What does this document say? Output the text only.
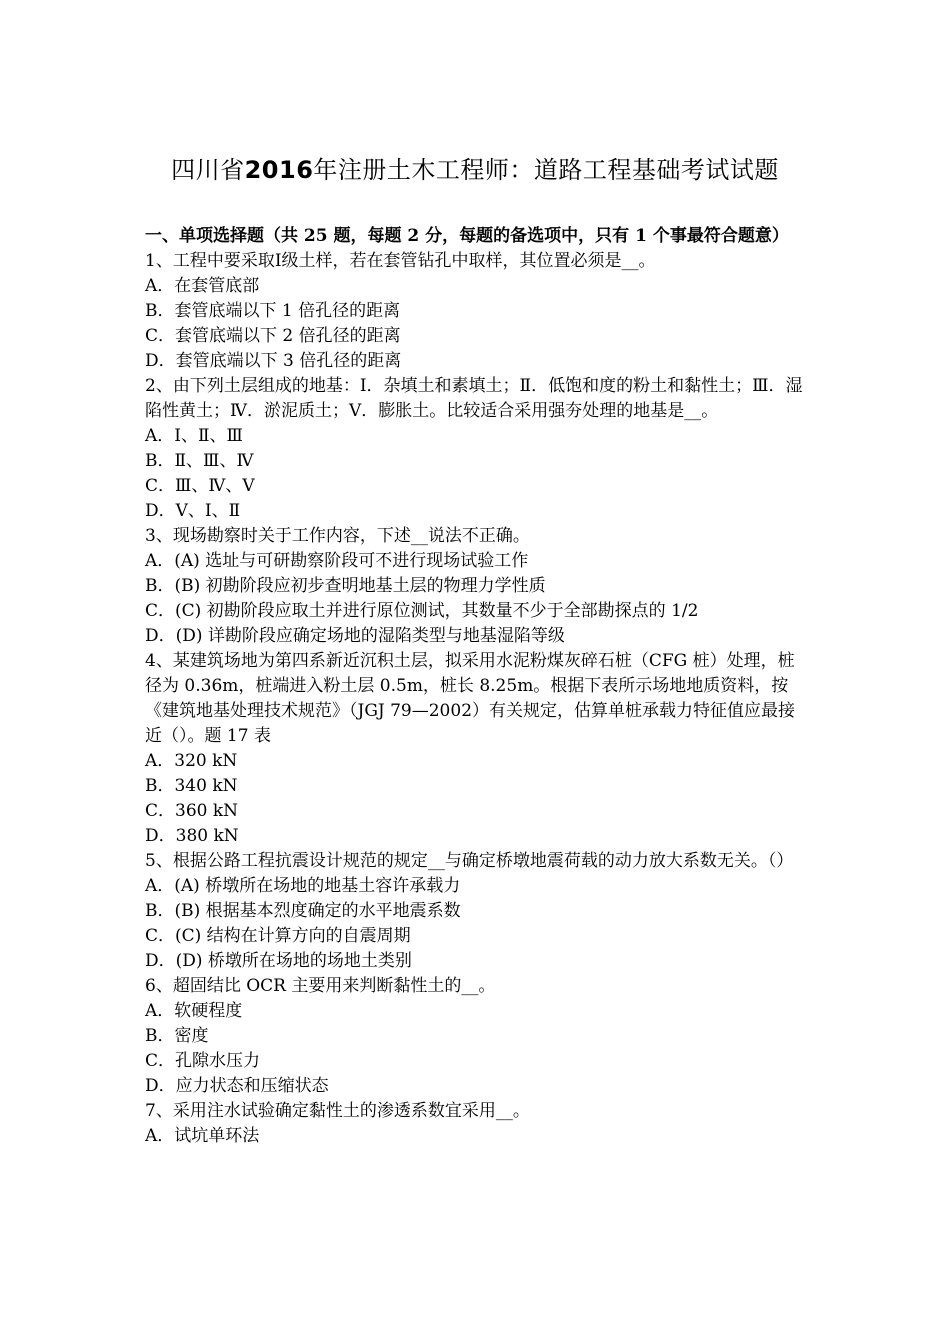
四川省2016年注册土木工程师：道路工程基础考试试题

一、单项选择题（共 25 题，每题 2 分，每题的备选项中，只有 1 个事最符合题意）

1、工程中要采取Ⅰ级土样，若在套管钻孔中取样，其位置必须是__。

A．在套管底部

B．套管底端以下 1 倍孔径的距离

C．套管底端以下 2 倍孔径的距离

D．套管底端以下 3 倍孔径的距离

2、由下列土层组成的地基：Ⅰ．杂填土和素填土；Ⅱ．低饱和度的粉土和黏性土；Ⅲ．湿陷性黄土；Ⅳ．淤泥质土；Ⅴ．膨胀土。比较适合采用强夯处理的地基是__。

A．Ⅰ、Ⅱ、Ⅲ

B．Ⅱ、Ⅲ、Ⅳ

C．Ⅲ、Ⅳ、Ⅴ

D．Ⅴ、Ⅰ、Ⅱ

3、现场勘察时关于工作内容，下述__说法不正确。

A．(A) 选址与可研勘察阶段可不进行现场试验工作

B．(B) 初勘阶段应初步查明地基土层的物理力学性质

C．(C) 初勘阶段应取土并进行原位测试，其数量不少于全部勘探点的 1/2

D．(D) 详勘阶段应确定场地的湿陷类型与地基湿陷等级

4、某建筑场地为第四系新近沉积土层，拟采用水泥粉煤灰碎石桩（CFG 桩）处理，桩径为 0.36m，桩端进入粉土层 0.5m，桩长 8.25m。根据下表所示场地地质资料，按《建筑地基处理技术规范》（JGJ 79—2002）有关规定，估算单桩承载力特征值应最接近（）。题 17 表

A．320 kN

B．340 kN

C．360 kN

D．380 kN

5、根据公路工程抗震设计规范的规定__与确定桥墩地震荷载的动力放大系数无关。（）

A．(A) 桥墩所在场地的地基土容许承载力

B．(B) 根据基本烈度确定的水平地震系数

C．(C) 结构在计算方向的自震周期

D．(D) 桥墩所在场地的场地土类别

6、超固结比 OCR 主要用来判断黏性土的__。

A．软硬程度

B．密度

C．孔隙水压力

D．应力状态和压缩状态

7、采用注水试验确定黏性土的渗透系数宜采用__。

A．试坑单环法
